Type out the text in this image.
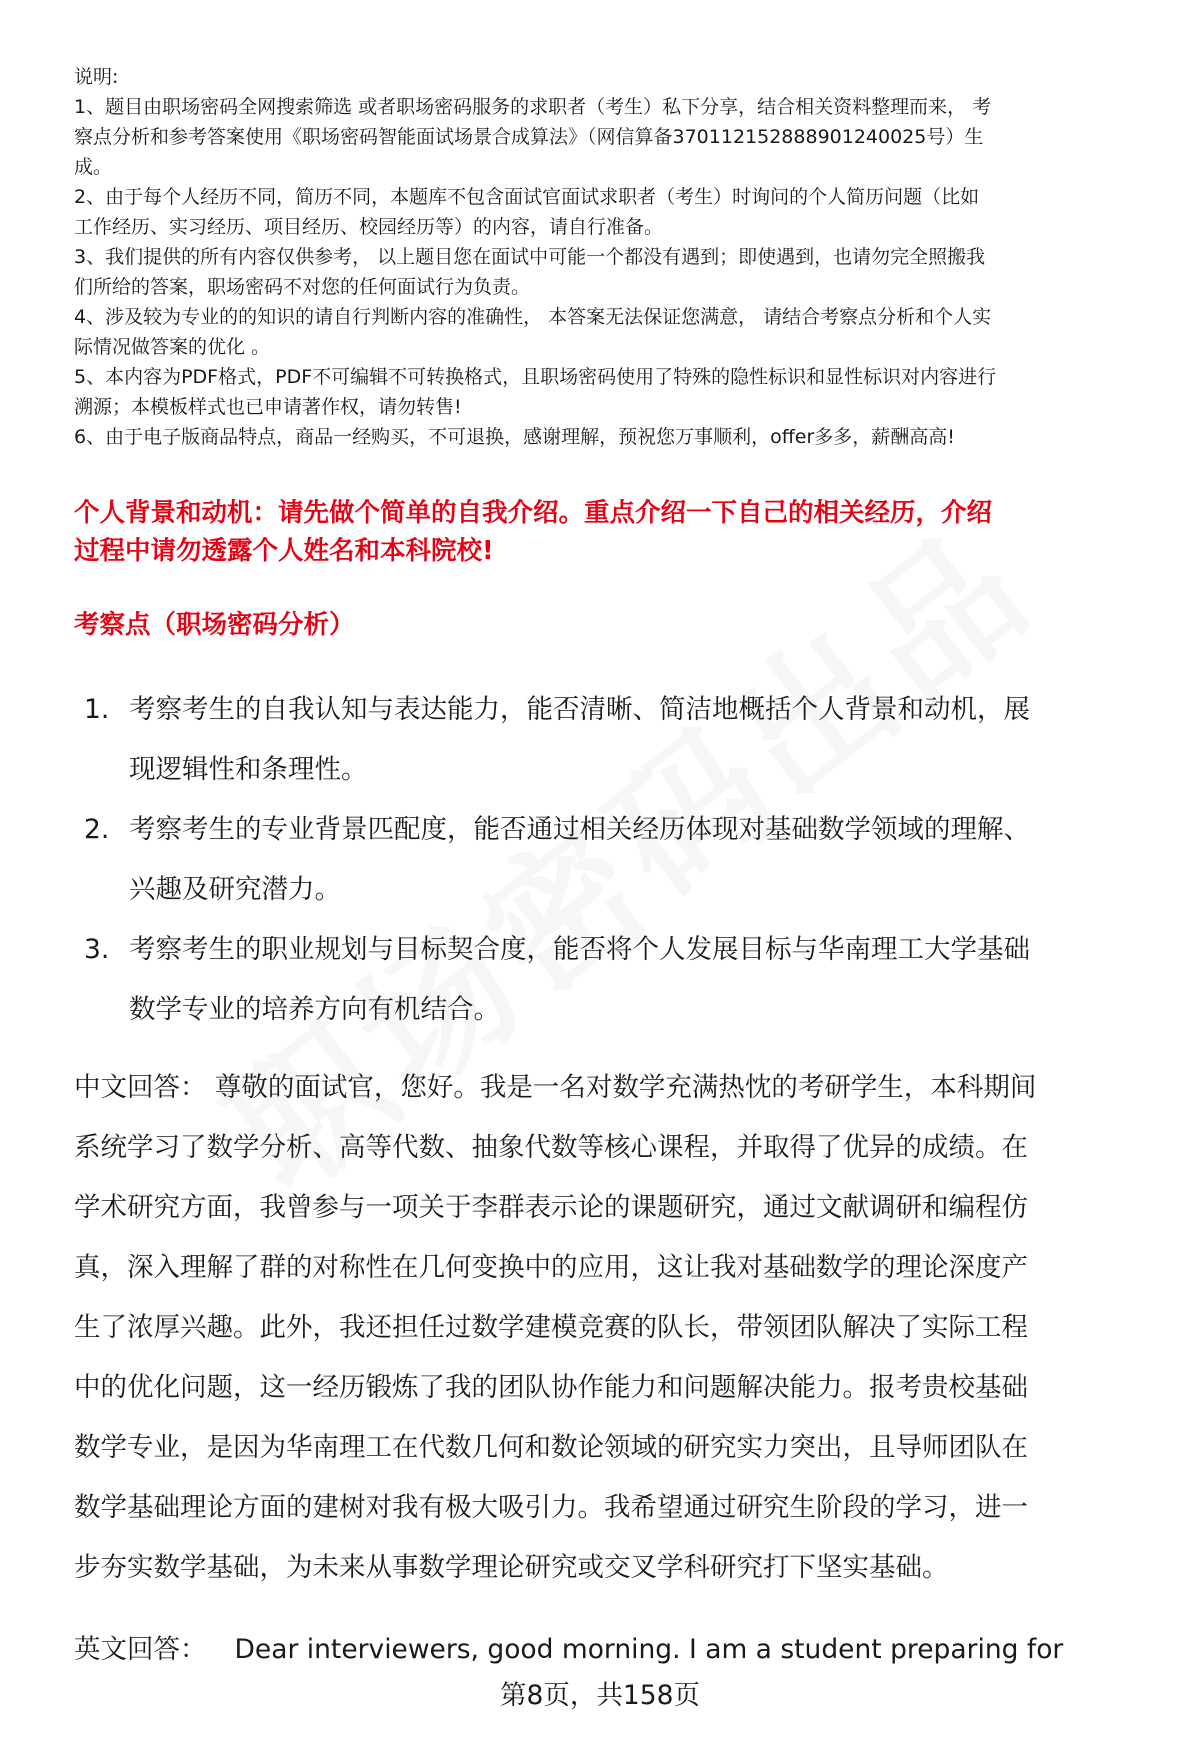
说明:

1、题目由职场密码全网搜索筛选 或者职场密码服务的求职者（考生）私下分享，结合相关资料整理而来， 考
察点分析和参考答案使用《职场密码智能面试场景合成算法》（网信算备370112152888901240025号）生
成。
2、由于每个人经历不同，简历不同，本题库不包含面试官面试求职者（考生）时询问的个人简历问题（比如
工作经历、实习经历、项目经历、校园经历等）的内容，请自行准备。
3、我们提供的所有内容仅供参考， 以上题目您在面试中可能一个都没有遇到；即使遇到，也请勿完全照搬我
们所给的答案，职场密码不对您的任何面试行为负责。
4、涉及较为专业的的知识的请自行判断内容的准确性， 本答案无法保证您满意， 请结合考察点分析和个人实
际情况做答案的优化 。
5、本内容为PDF格式，PDF不可编辑不可转换格式，且职场密码使用了特殊的隐性标识和显性标识对内容进行
溯源；本模板样式也已申请著作权，请勿转售!
6、由于电子版商品特点，商品一经购买，不可退换，感谢理解，预祝您万事顺利，offer多多，薪酬高高!
个人背景和动机：请先做个简单的自我介绍。重点介绍一下自己的相关经历，介绍
过程中请勿透露个人姓名和本科院校!
考察点（职场密码分析）
1. 考察考生的自我认知与表达能力，能否清晰、简洁地概括个人背景和动机，展
现逻辑性和条理性。
2. 考察考生的专业背景匹配度，能否通过相关经历体现对基础数学领域的理解、
兴趣及研究潜力。
3. 考察考生的职业规划与目标契合度，能否将个人发展目标与华南理工大学基础
数学专业的培养方向有机结合。
中文回答： 尊敬的面试官，您好。我是一名对数学充满热忱的考研学生，本科期间
系统学习了数学分析、高等代数、抽象代数等核心课程，并取得了优异的成绩。在
学术研究方面，我曾参与一项关于李群表示论的课题研究，通过文献调研和编程仿
真，深入理解了群的对称性在几何变换中的应用，这让我对基础数学的理论深度产
生了浓厚兴趣。此外，我还担任过数学建模竞赛的队长，带领团队解决了实际工程
中的优化问题，这一经历锻炼了我的团队协作能力和问题解决能力。报考贵校基础
数学专业，是因为华南理工在代数几何和数论领域的研究实力突出，且导师团队在
数学基础理论方面的建树对我有极大吸引力。我希望通过研究生阶段的学习，进一
步夯实数学基础，为未来从事数学理论研究或交叉学科研究打下坚实基础。
英文回答： Dear interviewers, good morning. I am a student preparing for
第8页，共158页
